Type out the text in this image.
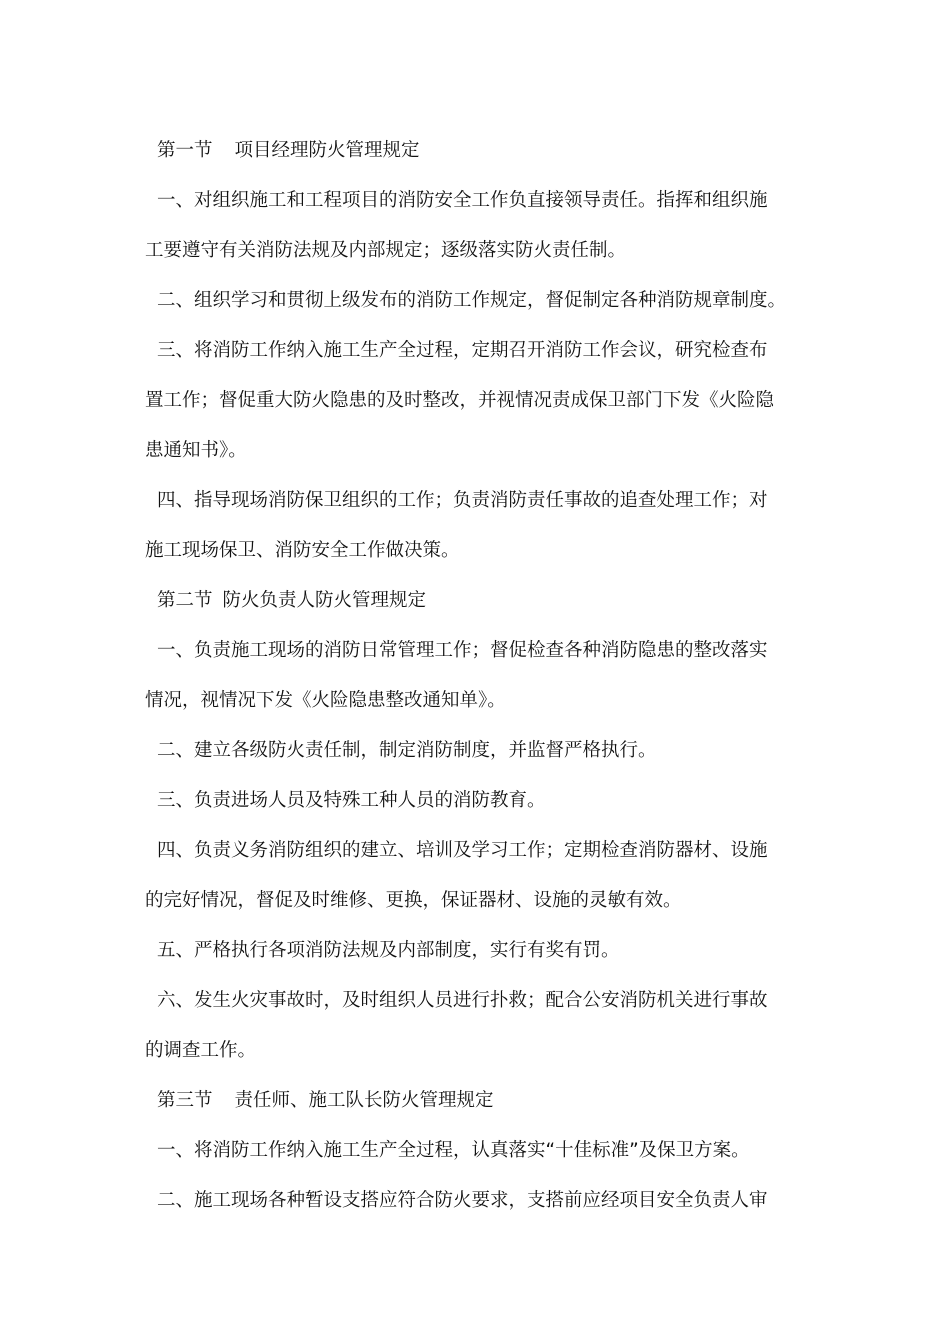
第一节 项目经理防火管理规定
一、对组织施工和工程项目的消防安全工作负直接领导责任。指挥和组织施
工要遵守有关消防法规及内部规定；逐级落实防火责任制。
二、组织学习和贯彻上级发布的消防工作规定，督促制定各种消防规章制度。
三、将消防工作纳入施工生产全过程，定期召开消防工作会议，研究检查布
置工作；督促重大防火隐患的及时整改，并视情况责成保卫部门下发《火险隐
患通知书》。
四、指导现场消防保卫组织的工作；负责消防责任事故的追查处理工作；对
施工现场保卫、消防安全工作做决策。
第二节 防火负责人防火管理规定
一、负责施工现场的消防日常管理工作；督促检查各种消防隐患的整改落实
情况，视情况下发《火险隐患整改通知单》。
二、建立各级防火责任制，制定消防制度，并监督严格执行。
三、负责进场人员及特殊工种人员的消防教育。
四、负责义务消防组织的建立、培训及学习工作；定期检查消防器材、设施
的完好情况，督促及时维修、更换，保证器材、设施的灵敏有效。
五、严格执行各项消防法规及内部制度，实行有奖有罚。
六、发生火灾事故时，及时组织人员进行扑救；配合公安消防机关进行事故
的调查工作。
第三节 责任师、施工队长防火管理规定
一、将消防工作纳入施工生产全过程，认真落实“十佳标准”及保卫方案。
二、施工现场各种暂设支搭应符合防火要求，支搭前应经项目安全负责人审
